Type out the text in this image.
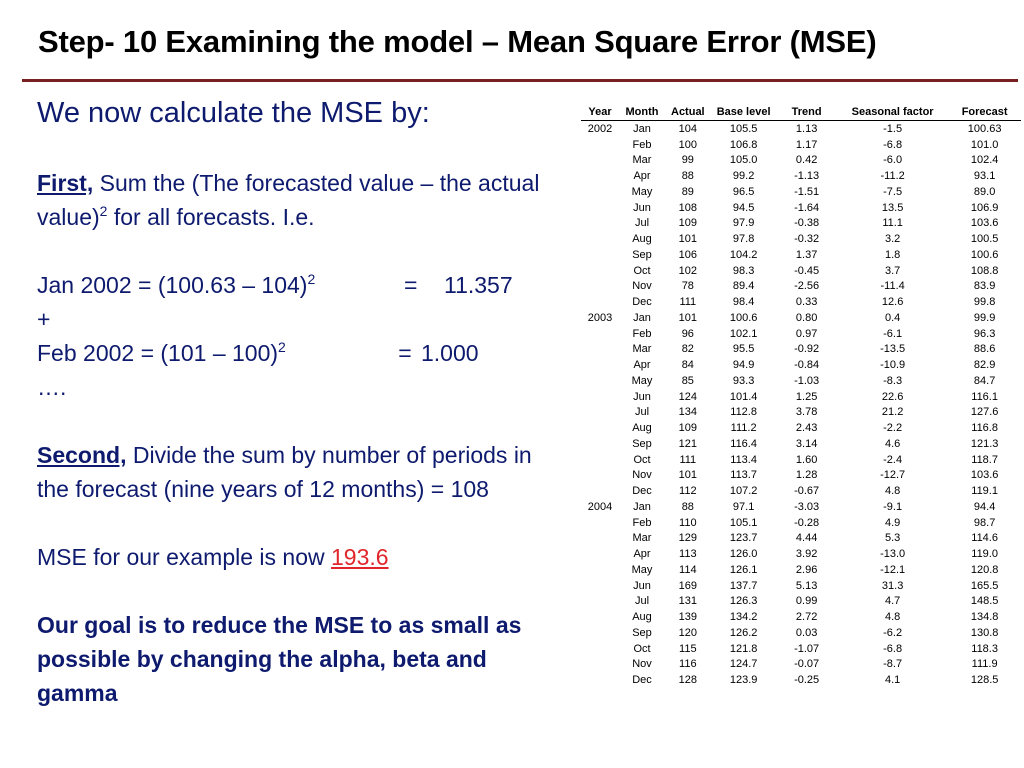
Step- 10 Examining the model – Mean Square Error (MSE)

We now calculate the MSE by:

First, Sum the (The forecasted value – the actual value)$^2$ for all forecasts. I.e.

Jan 2002 = (100.63 – 104)$^2$	=	11.357

+

Feb 2002 = (101 – 100)$^2$	= 1.000

….

Second, Divide the sum by number of periods in the forecast (nine years of 12 months) = 108

MSE for our example is now 193.6

Our goal is to reduce the MSE to as small as possible by changing the alpha, beta and gamma

Year	Month	Actual	Base level	Trend	Seasonal factor	Forecast
2002	Jan	104	105.5	1.13	-1.5	100.63
	Feb	100	106.8	1.17	-6.8	101.0
	Mar	99	105.0	0.42	-6.0	102.4
	Apr	88	99.2	-1.13	-11.2	93.1
	May	89	96.5	-1.51	-7.5	89.0
	Jun	108	94.5	-1.64	13.5	106.9
	Jul	109	97.9	-0.38	11.1	103.6
	Aug	101	97.8	-0.32	3.2	100.5
	Sep	106	104.2	1.37	1.8	100.6
	Oct	102	98.3	-0.45	3.7	108.8
	Nov	78	89.4	-2.56	-11.4	83.9
	Dec	111	98.4	0.33	12.6	99.8
2003	Jan	101	100.6	0.80	0.4	99.9
	Feb	96	102.1	0.97	-6.1	96.3
	Mar	82	95.5	-0.92	-13.5	88.6
	Apr	84	94.9	-0.84	-10.9	82.9
	May	85	93.3	-1.03	-8.3	84.7
	Jun	124	101.4	1.25	22.6	116.1
	Jul	134	112.8	3.78	21.2	127.6
	Aug	109	111.2	2.43	-2.2	116.8
	Sep	121	116.4	3.14	4.6	121.3
	Oct	111	113.4	1.60	-2.4	118.7
	Nov	101	113.7	1.28	-12.7	103.6
	Dec	112	107.2	-0.67	4.8	119.1
2004	Jan	88	97.1	-3.03	-9.1	94.4
	Feb	110	105.1	-0.28	4.9	98.7
	Mar	129	123.7	4.44	5.3	114.6
	Apr	113	126.0	3.92	-13.0	119.0
	May	114	126.1	2.96	-12.1	120.8
	Jun	169	137.7	5.13	31.3	165.5
	Jul	131	126.3	0.99	4.7	148.5
	Aug	139	134.2	2.72	4.8	134.8
	Sep	120	126.2	0.03	-6.2	130.8
	Oct	115	121.8	-1.07	-6.8	118.3
	Nov	116	124.7	-0.07	-8.7	111.9
	Dec	128	123.9	-0.25	4.1	128.5
